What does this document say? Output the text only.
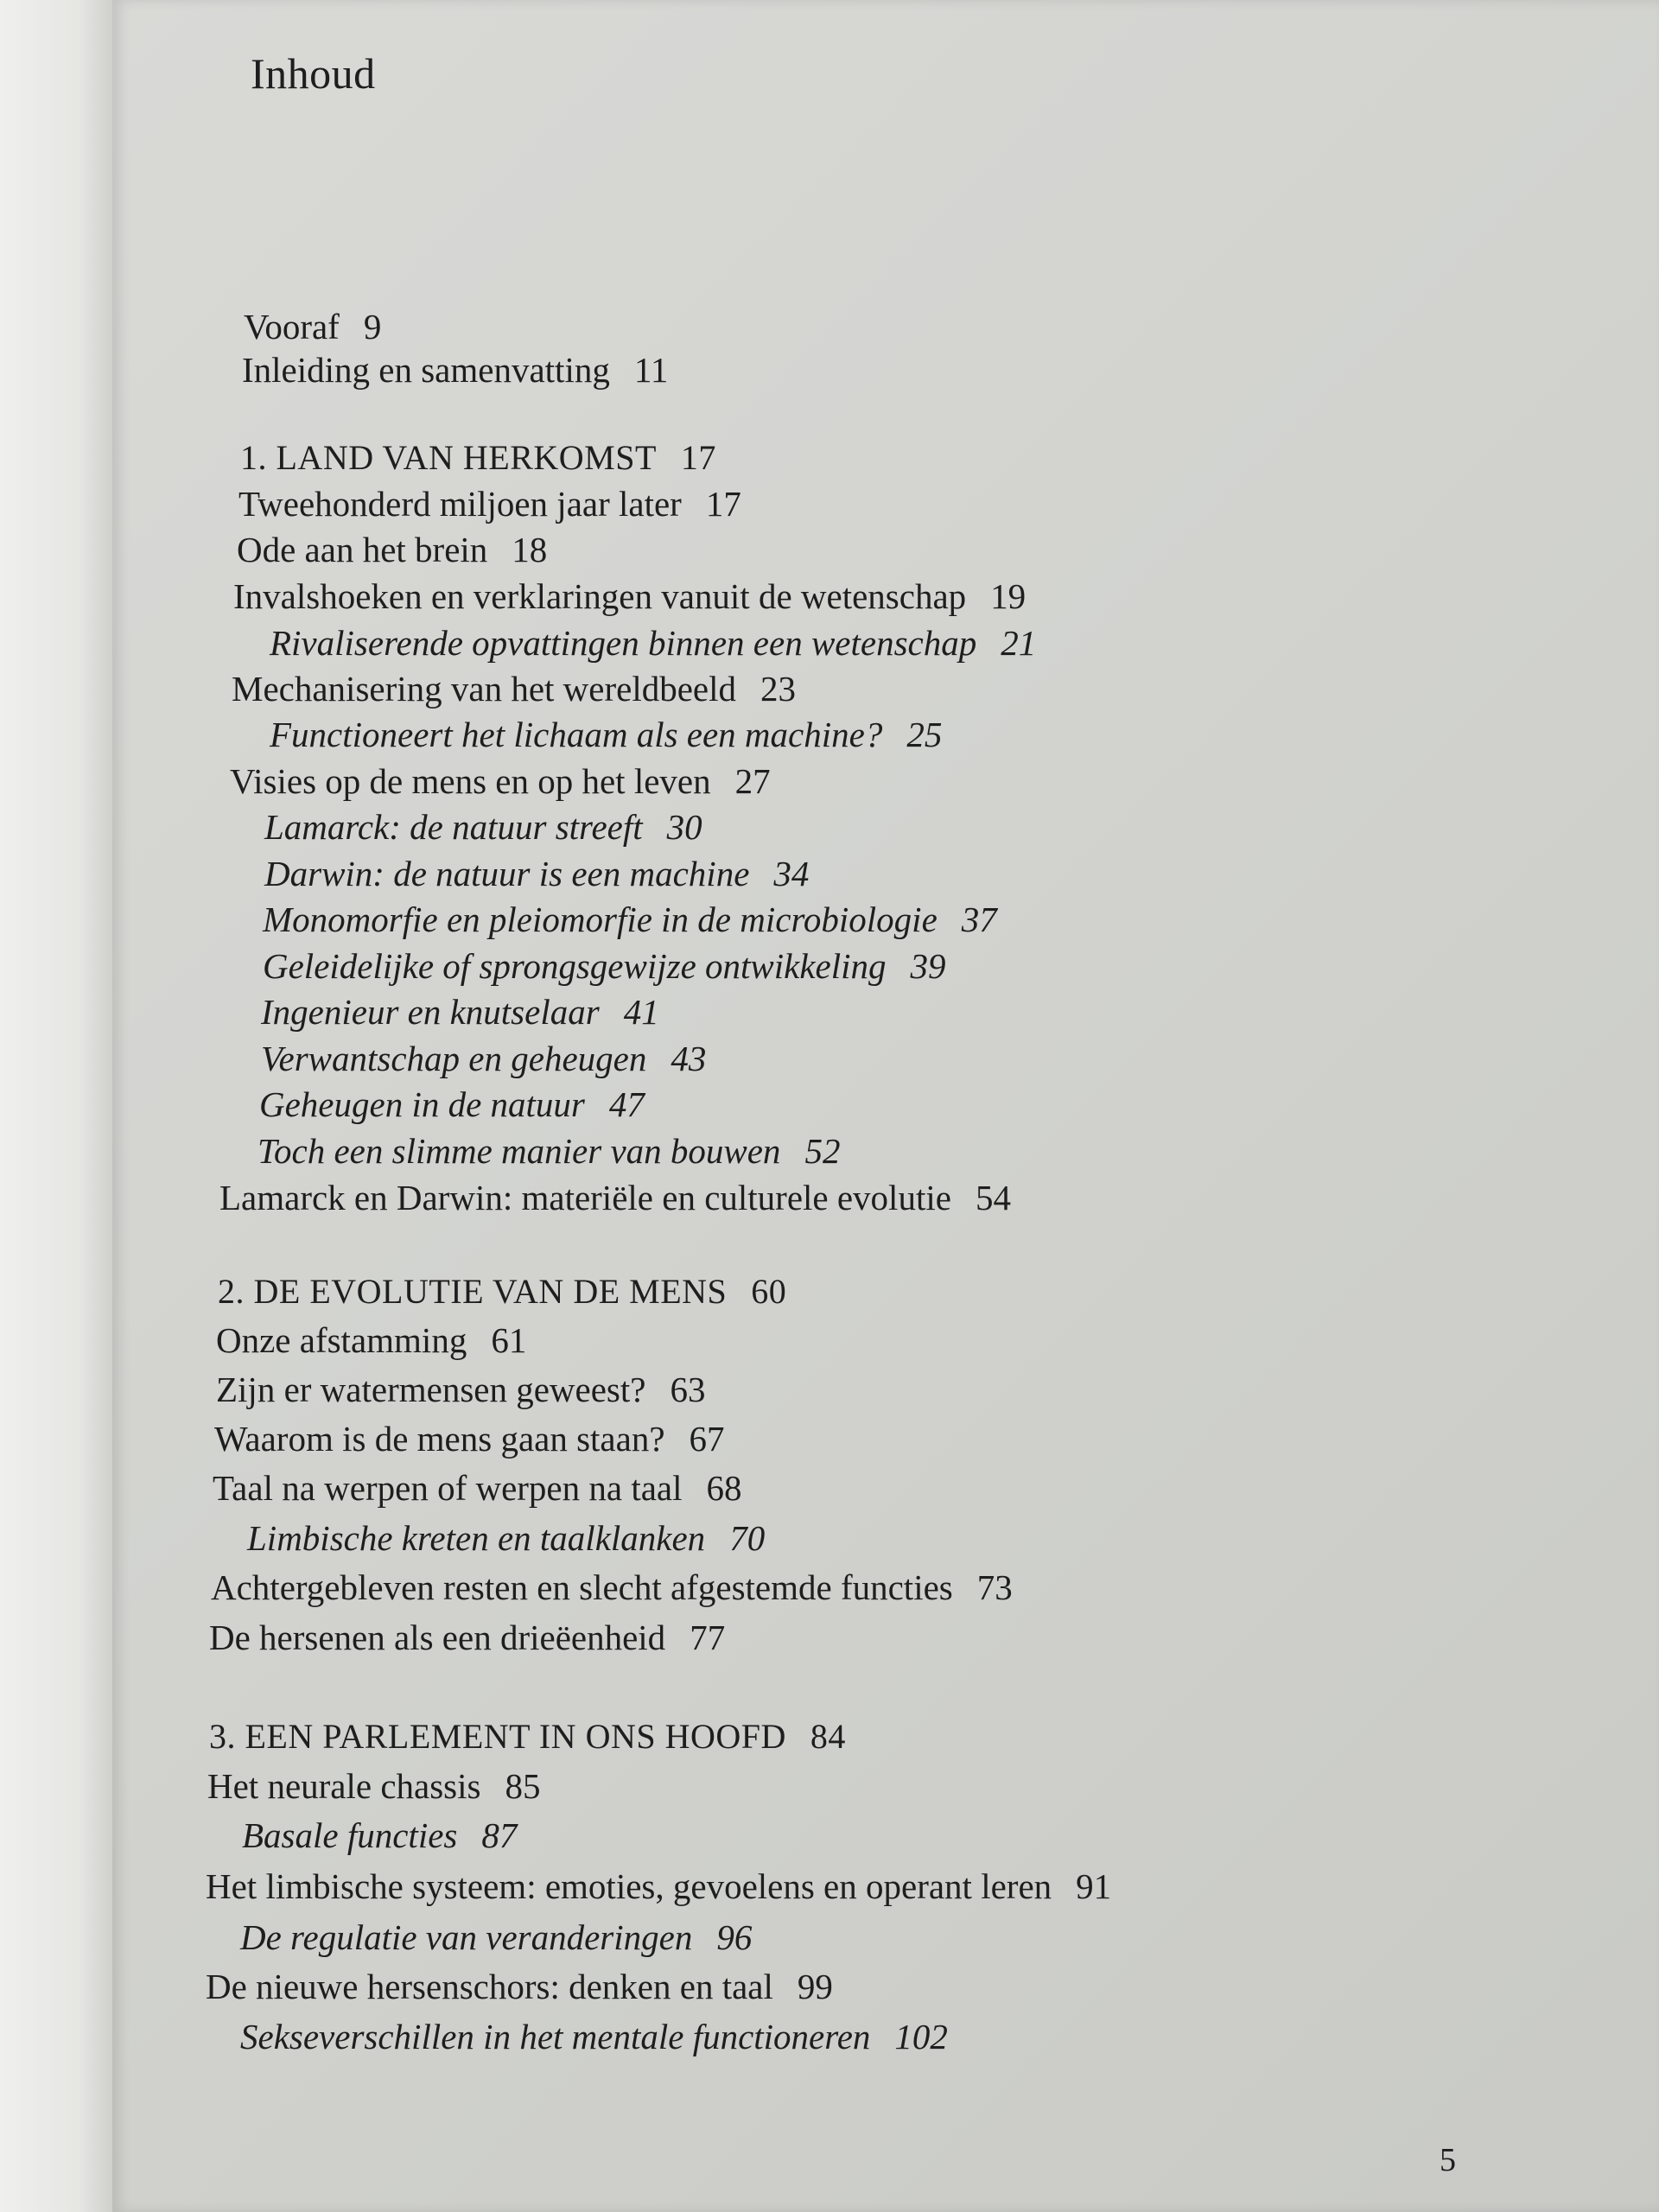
Inhoud
Vooraf 9
Inleiding en samenvatting 11
1. LAND VAN HERKOMST 17
Tweehonderd miljoen jaar later 17
Ode aan het brein 18
Invalshoeken en verklaringen vanuit de wetenschap 19
Rivaliserende opvattingen binnen een wetenschap 21
Mechanisering van het wereldbeeld 23
Functioneert het lichaam als een machine? 25
Visies op de mens en op het leven 27
Lamarck: de natuur streeft 30
Darwin: de natuur is een machine 34
Monomorfie en pleiomorfie in de microbiologie 37
Geleidelijke of sprongsgewijze ontwikkeling 39
Ingenieur en knutselaar 41
Verwantschap en geheugen 43
Geheugen in de natuur 47
Toch een slimme manier van bouwen 52
Lamarck en Darwin: materiële en culturele evolutie 54
2. DE EVOLUTIE VAN DE MENS 60
Onze afstamming 61
Zijn er watermensen geweest? 63
Waarom is de mens gaan staan? 67
Taal na werpen of werpen na taal 68
Limbische kreten en taalklanken 70
Achtergebleven resten en slecht afgestemde functies 73
De hersenen als een drieëenheid 77
3. EEN PARLEMENT IN ONS HOOFD 84
Het neurale chassis 85
Basale functies 87
Het limbische systeem: emoties, gevoelens en operant leren 91
De regulatie van veranderingen 96
De nieuwe hersenschors: denken en taal 99
Sekseverschillen in het mentale functioneren 102
5
